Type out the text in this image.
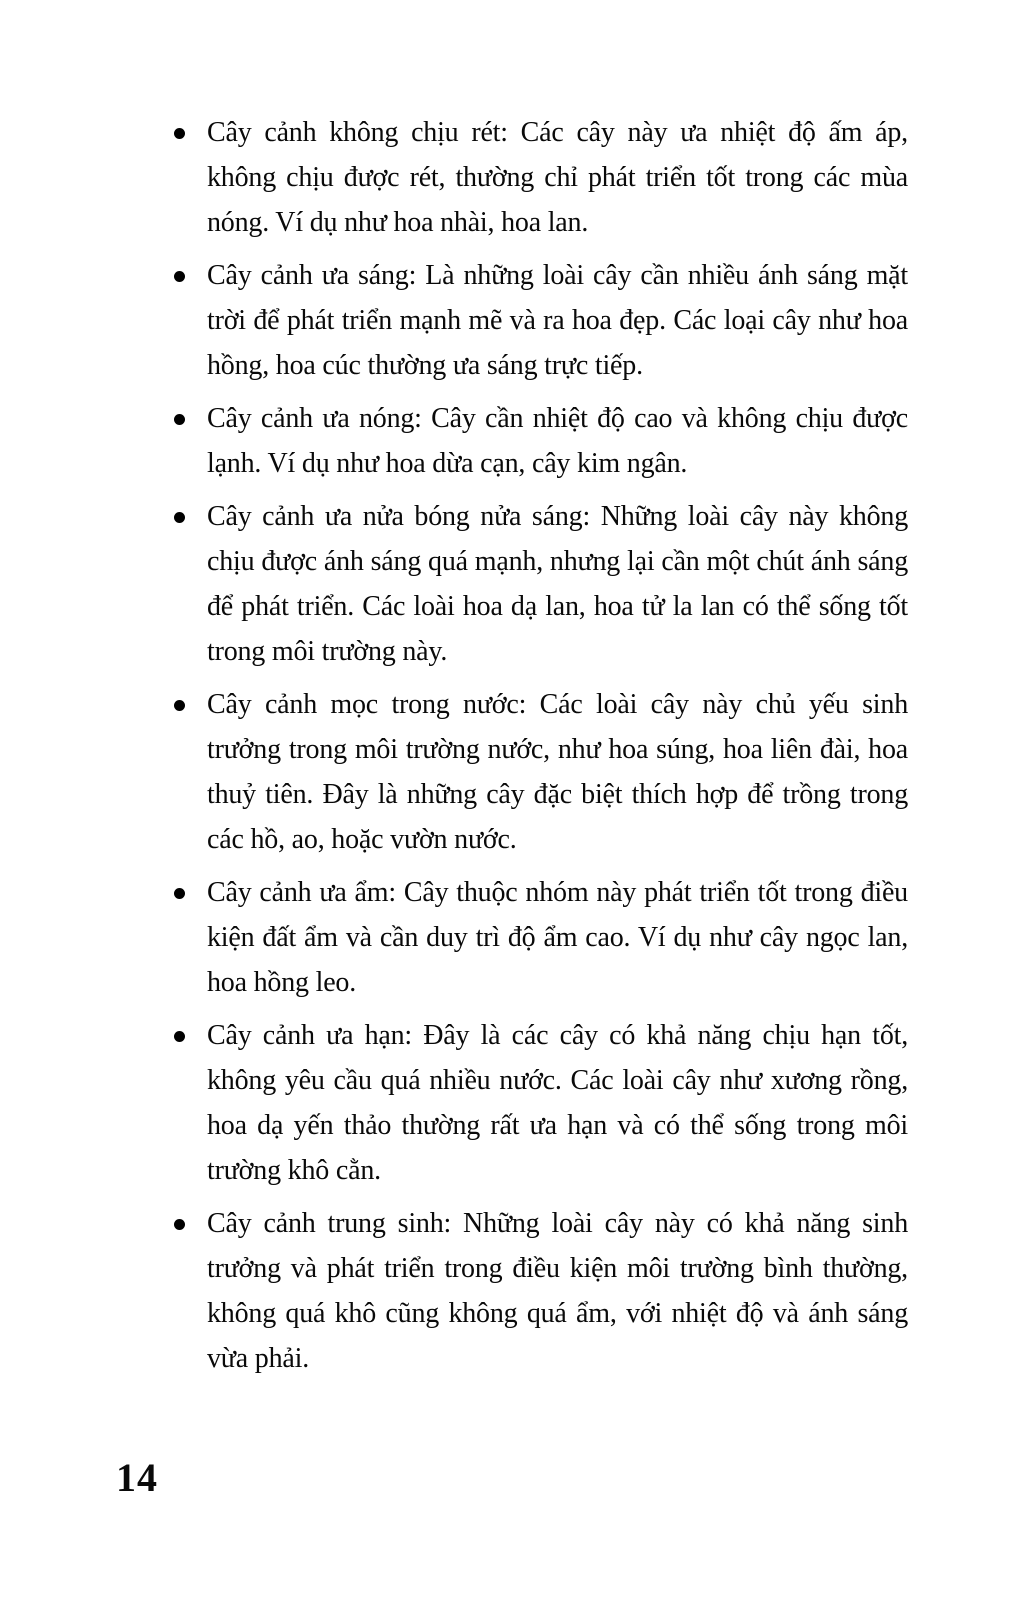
Cây cảnh không chịu rét: Các cây này ưa nhiệt độ ấm áp, không chịu được rét, thường chỉ phát triển tốt trong các mùa nóng. Ví dụ như hoa nhài, hoa lan.
Cây cảnh ưa sáng: Là những loài cây cần nhiều ánh sáng mặt trời để phát triển mạnh mẽ và ra hoa đẹp. Các loại cây như hoa hồng, hoa cúc thường ưa sáng trực tiếp.
Cây cảnh ưa nóng: Cây cần nhiệt độ cao và không chịu được lạnh. Ví dụ như hoa dừa cạn, cây kim ngân.
Cây cảnh ưa nửa bóng nửa sáng: Những loài cây này không chịu được ánh sáng quá mạnh, nhưng lại cần một chút ánh sáng để phát triển. Các loài hoa dạ lan, hoa tử la lan có thể sống tốt trong môi trường này.
Cây cảnh mọc trong nước: Các loài cây này chủ yếu sinh trưởng trong môi trường nước, như hoa súng, hoa liên đài, hoa thuỷ tiên. Đây là những cây đặc biệt thích hợp để trồng trong các hồ, ao, hoặc vườn nước.
Cây cảnh ưa ẩm: Cây thuộc nhóm này phát triển tốt trong điều kiện đất ẩm và cần duy trì độ ẩm cao. Ví dụ như cây ngọc lan, hoa hồng leo.
Cây cảnh ưa hạn: Đây là các cây có khả năng chịu hạn tốt, không yêu cầu quá nhiều nước. Các loài cây như xương rồng, hoa dạ yến thảo thường rất ưa hạn và có thể sống trong môi trường khô cằn.
Cây cảnh trung sinh: Những loài cây này có khả năng sinh trưởng và phát triển trong điều kiện môi trường bình thường, không quá khô cũng không quá ẩm, với nhiệt độ và ánh sáng vừa phải.
14
